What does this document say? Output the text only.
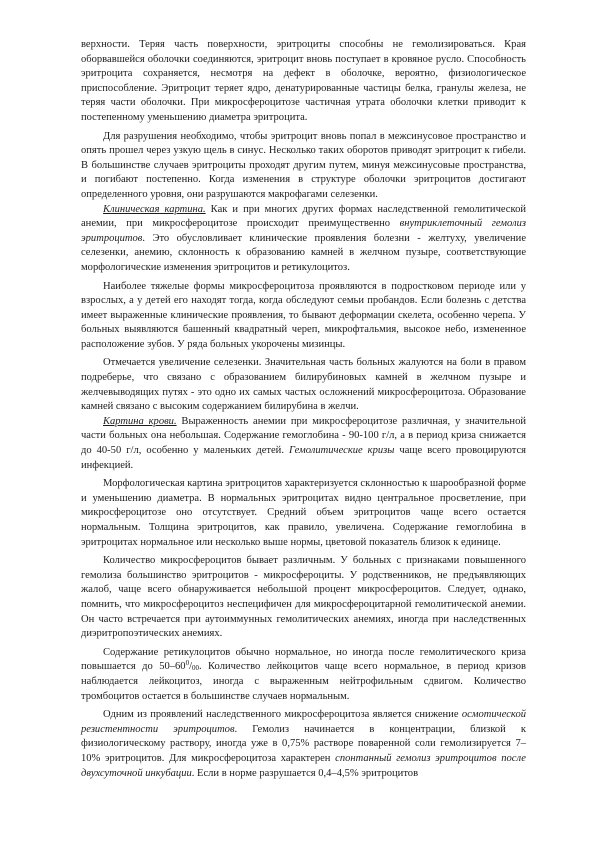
верхности. Теряя часть поверхности, эритроциты способны не гемолизироваться. Края оборвавшейся оболочки соединяются, эритроцит вновь поступает в кровяное русло. Способность эритроцита сохраняется, несмотря на дефект в оболочке, вероятно, физиологическое приспособление. Эритроцит теряет ядро, денатурированные частицы белка, гранулы железа, не теряя части оболочки. При микросфероцитозе частичная утрата оболочки клетки приводит к постепенному уменьшению диаметра эритроцита.

Для разрушения необходимо, чтобы эритроцит вновь попал в межсинусовое пространство и опять прошел через узкую щель в синус. Несколько таких оборотов приводят эритроцит к гибели. В большинстве случаев эритроциты проходят другим путем, минуя межсинусовые пространства, и погибают постепенно. Когда изменения в структуре оболочки эритроцитов достигают определенного уровня, они разрушаются макрофагами селезенки.

Клиническая картина. Как и при многих других формах наследственной гемолитической анемии, при микросфероцитозе происходит преимущественно внутриклеточный гемолиз эритроцитов. Это обусловливает клинические проявления болезни - желтуху, увеличение селезенки, анемию, склонность к образованию камней в желчном пузыре, соответствующие морфологические изменения эритроцитов и ретикулоцитоз.

Наиболее тяжелые формы микросфероцитоза проявляются в подростковом периоде или у взрослых, а у детей его находят тогда, когда обследуют семьи пробандов. Если болезнь с детства имеет выраженные клинические проявления, то бывают деформации скелета, особенно черепа. У больных выявляются башенный квадратный череп, микрофтальмия, высокое небо, измененное расположение зубов. У ряда больных укорочены мизинцы.

Отмечается увеличение селезенки. Значительная часть больных жалуются на боли в правом подреберье, что связано с образованием билирубиновых камней в желчном пузыре и желчевыводящих путях - это одно их самых частых осложнений микросфероцитоза. Образование камней связано с высоким содержанием билирубина в желчи.

Картина крови. Выраженность анемии при микросфероцитозе различная, у значительной части больных она небольшая. Содержание гемоглобина - 90-100 г/л, а в период криза снижается до 40-50 г/л, особенно у маленьких детей. Гемолитические кризы чаще всего провоцируются инфекцией.

Морфологическая картина эритроцитов характеризуется склонностью к шарообразной форме и уменьшению диаметра. В нормальных эритроцитах видно центральное просветление, при микросфероцитозе оно отсутствует. Средний объем эритроцитов чаще всего остается нормальным. Толщина эритроцитов, как правило, увеличена. Содержание гемоглобина в эритроцитах нормальное или несколько выше нормы, цветовой показатель близок к единице.

Количество микросфероцитов бывает различным. У больных с признаками повышенного гемолиза большинство эритроцитов - микросфероциты. У родственников, не предъявляющих жалоб, чаще всего обнаруживается небольшой процент микросфероцитов. Следует, однако, помнить, что микросфероцитоз неспецифичен для микросфероцитарной гемолитической анемии. Он часто встречается при аутоиммунных гемолитических анемиях, иногда при наследственных диэритропоэтических анемиях.

Содержание ретикулоцитов обычно нормальное, но иногда после гемолитического криза повышается до $50-60^0/_{00}$. Количество лейкоцитов чаще всего нормальное, в период кризов наблюдается лейкоцитоз, иногда с выраженным нейтрофильным сдвигом. Количество тромбоцитов остается в большинстве случаев нормальным.

Одним из проявлений наследственного микросфероцитоза является снижение осмотической резистентности эритроцитов. Гемолиз начинается в концентрации, близкой к физиологическому раствору, иногда уже в 0,75% растворе поваренной соли гемолизируется 7–10% эритроцитов. Для микросфероцитоза характерен спонтанный гемолиз эритроцитов после двухсуточной инкубации. Если в норме разрушается 0,4–4,5% эритроцитов
